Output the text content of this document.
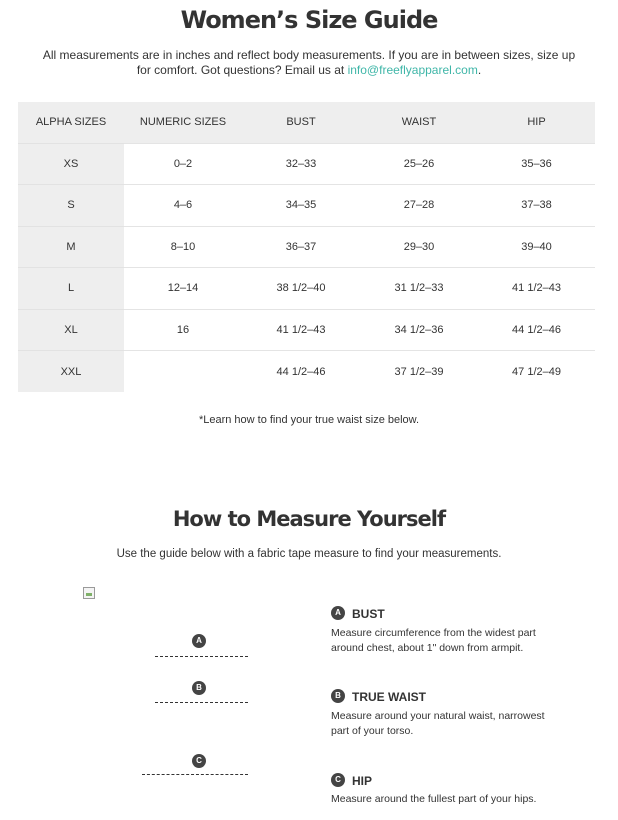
Women’s Size Guide

All measurements are in inches and reflect body measurements. If you are in between sizes, size up for comfort. Got questions? Email us at info@freeflyapparel.com.

ALPHA SIZES	NUMERIC SIZES	BUST	WAIST	HIP
XS	0–2	32–33	25–26	35–36
S	4–6	34–35	27–28	37–38
M	8–10	36–37	29–30	39–40
L	12–14	38 1/2–40	31 1/2–33	41 1/2–43
XL	16	41 1/2–43	34 1/2–36	44 1/2–46
XXL		44 1/2–46	37 1/2–39	47 1/2–49
*Learn how to find your true waist size below.
How to Measure Yourself
Use the guide below with a fabric tape measure to find your measurements.
A
B
C
A BUST
Measure circumference from the widest part around chest, about 1" down from armpit.
B TRUE WAIST
Measure around your natural waist, narrowest part of your torso.
C HIP
Measure around the fullest part of your hips.
